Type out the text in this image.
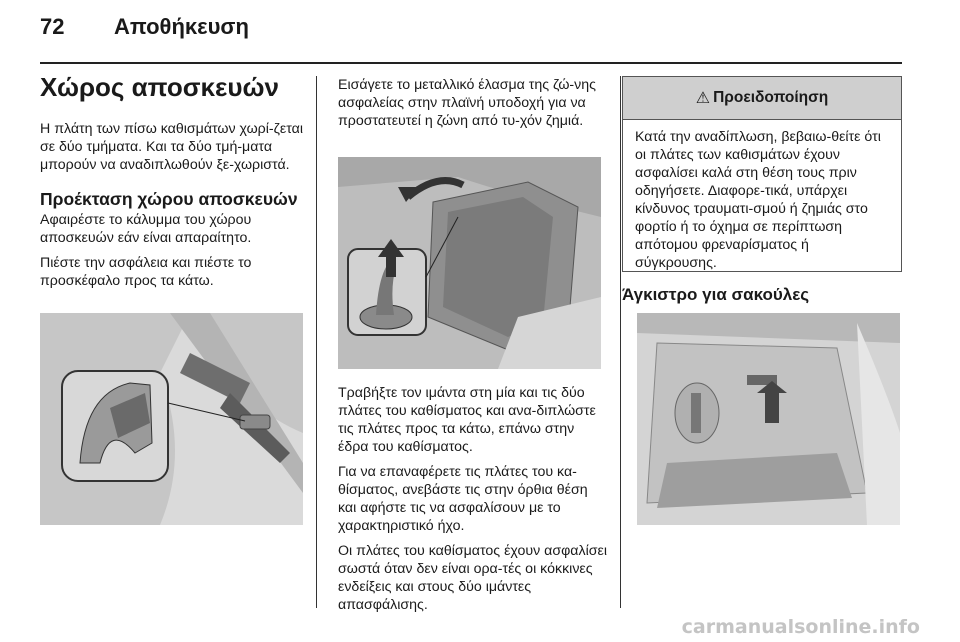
72 Αποθήκευση
Χώρος αποσκευών

Η πλάτη των πίσω καθισμάτων χωρί-ζεται σε δύο τμήματα. Και τα δύο τμή-ματα μπορούν να αναδιπλωθούν ξε-χωριστά.

Προέκταση χώρου αποσκευών

Αφαιρέστε το κάλυμμα του χώρου αποσκευών εάν είναι απαραίτητο.

Πιέστε την ασφάλεια και πιέστε το προσκέφαλο προς τα κάτω.

Εισάγετε το μεταλλικό έλασμα της ζώ-νης ασφαλείας στην πλαϊνή υποδοχή για να προστατευτεί η ζώνη από τυ-χόν ζημιά.

Τραβήξτε τον ιμάντα στη μία και τις δύο πλάτες του καθίσματος και ανα-διπλώστε τις πλάτες προς τα κάτω, επάνω στην έδρα του καθίσματος.

Για να επαναφέρετε τις πλάτες του κα-θίσματος, ανεβάστε τις στην όρθια θέση και αφήστε τις να ασφαλίσουν με το χαρακτηριστικό ήχο.

Οι πλάτες του καθίσματος έχουν ασφαλίσει σωστά όταν δεν είναι ορα-τές οι κόκκινες ενδείξεις και στους δύο ιμάντες απασφάλισης.

⚠ Προειδοποίηση
Κατά την αναδίπλωση, βεβαιω-θείτε ότι οι πλάτες των καθισμάτων έχουν ασφαλίσει καλά στη θέση τους πριν οδηγήσετε. Διαφορε-τικά, υπάρχει κίνδυνος τραυματι-σμού ή ζημιάς στο φορτίο ή το όχημα σε περίπτωση απότομου φρεναρίσματος ή σύγκρουσης.
Άγκιστρο για σακούλες
carmanualsonline.info
